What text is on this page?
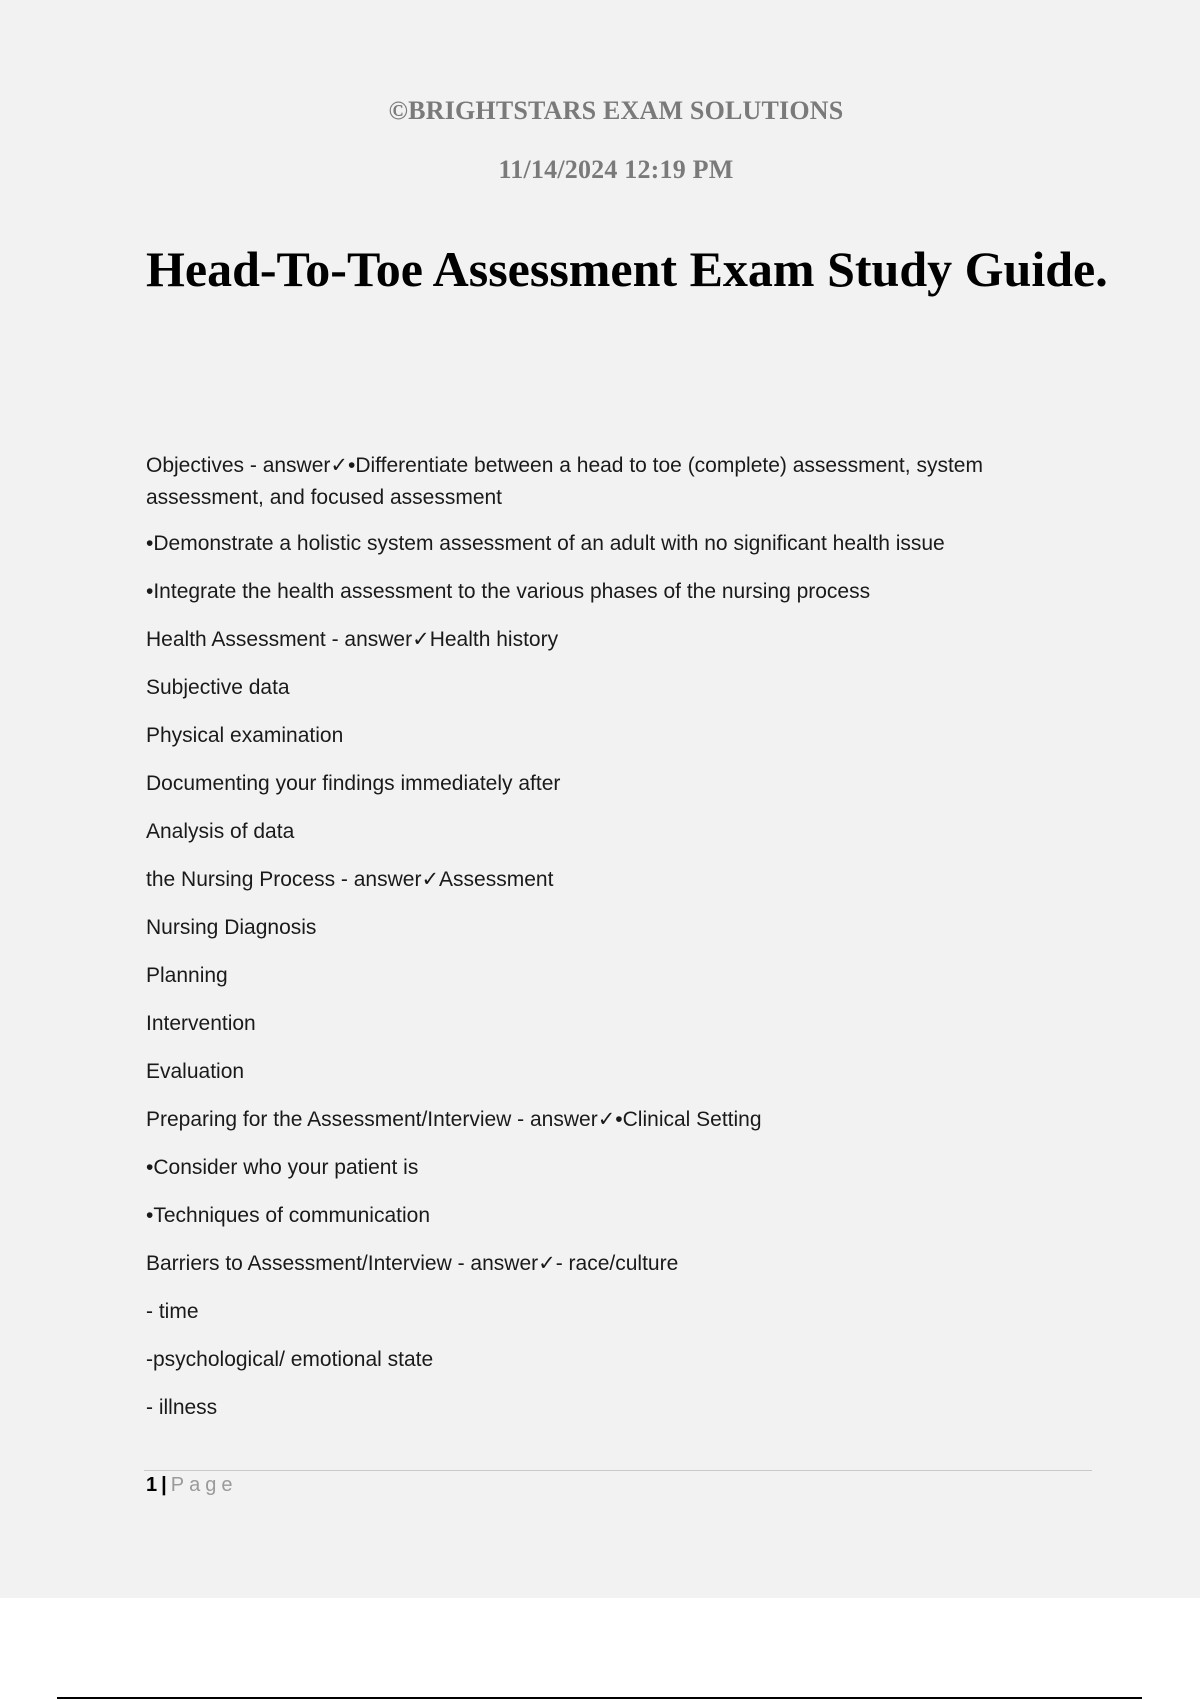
©BRIGHTSTARS EXAM SOLUTIONS
11/14/2024 12:19 PM
Head-To-Toe Assessment Exam Study Guide.

Objectives - answer✓•Differentiate between a head to toe (complete) assessment, system assessment, and focused assessment

•Demonstrate a holistic system assessment of an adult with no significant health issue

•Integrate the health assessment to the various phases of the nursing process

Health Assessment - answer✓Health history

Subjective data

Physical examination

Documenting your findings immediately after

Analysis of data

the Nursing Process - answer✓Assessment

Nursing Diagnosis

Planning

Intervention

Evaluation

Preparing for the Assessment/Interview - answer✓•Clinical Setting

•Consider who your patient is

•Techniques of communication

Barriers to Assessment/Interview - answer✓- race/culture

- time

-psychological/ emotional state

- illness

1 | Page
